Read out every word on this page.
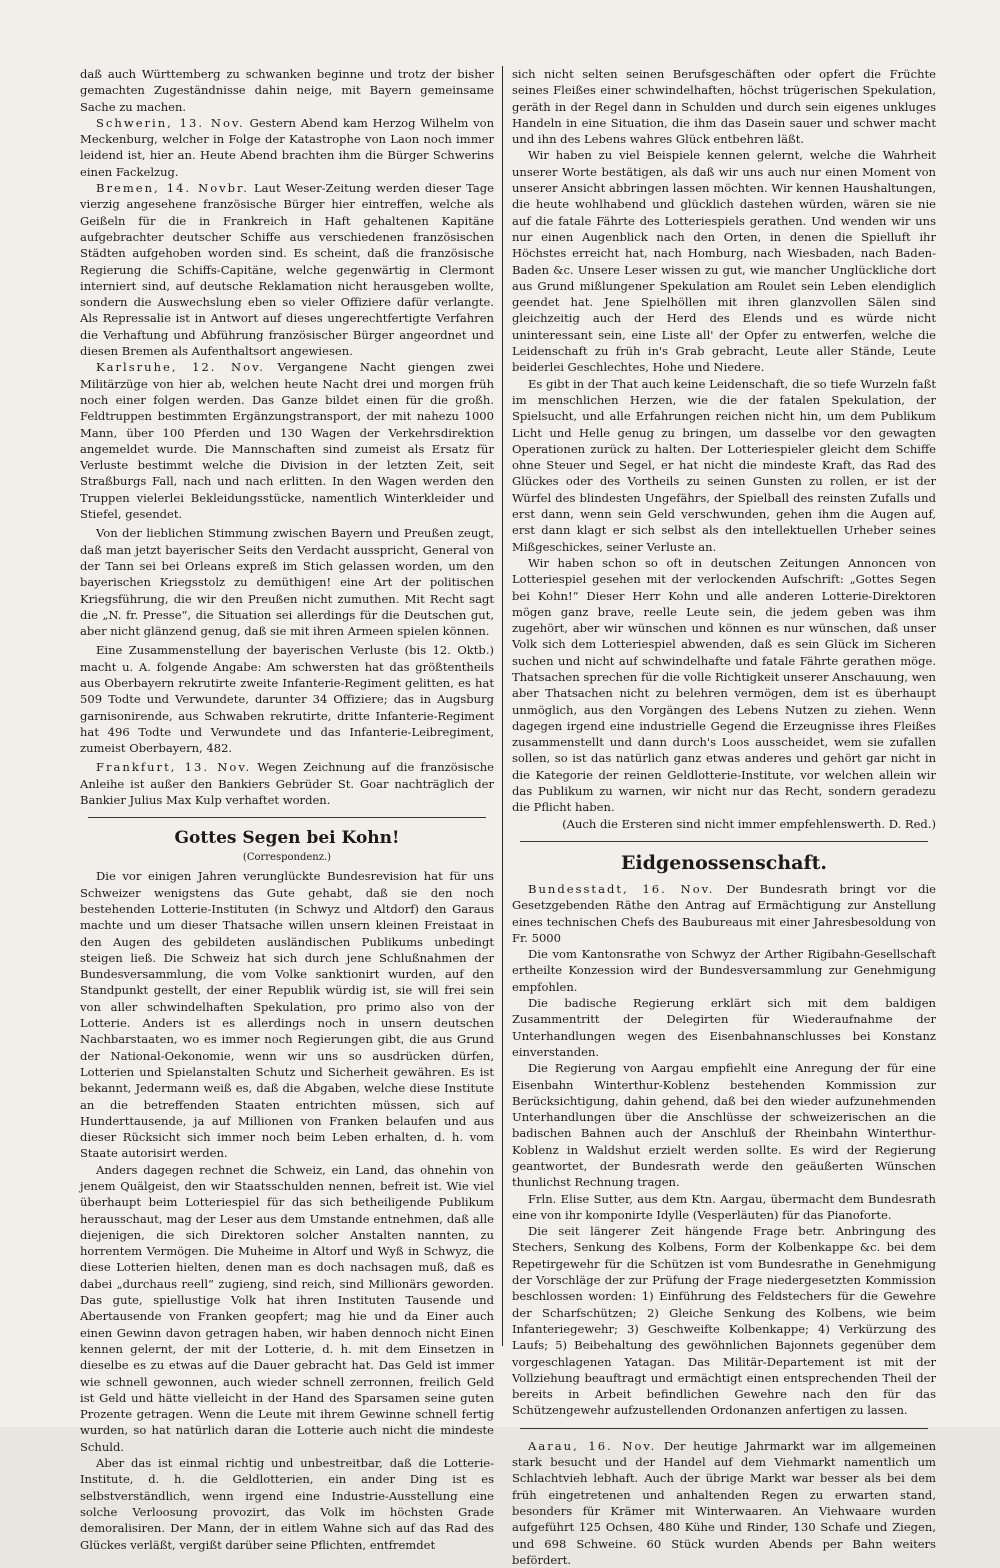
daß auch Württemberg zu schwanken beginne und trotz der bisher gemachten Zugeständnisse dahin neige, mit Bayern gemeinsame Sache zu machen.

Schwerin, 13. Nov. Gestern Abend kam Herzog Wilhelm von Meckenburg, welcher in Folge der Katastrophe von Laon noch immer leidend ist, hier an. Heute Abend brachten ihm die Bürger Schwerins einen Fackelzug.

Bremen, 14. Novbr. Laut Weser-Zeitung werden dieser Tage vierzig angesehene französische Bürger hier eintreffen, welche als Geißeln für die in Frankreich in Haft gehaltenen Kapitäne aufgebrachter deutscher Schiffe aus verschiedenen französischen Städten aufgehoben worden sind. Es scheint, daß die französische Regierung die Schiffs-Capitäne, welche gegenwärtig in Clermont interniert sind, auf deutsche Reklamation nicht herausgeben wollte, sondern die Auswechslung eben so vieler Offiziere dafür verlangte. Als Repressalie ist in Antwort auf dieses ungerechtfertigte Verfahren die Verhaftung und Abführung französischer Bürger angeordnet und diesen Bremen als Aufenthaltsort angewiesen.

Karlsruhe, 12. Nov. Vergangene Nacht giengen zwei Militärzüge von hier ab, welchen heute Nacht drei und morgen früh noch einer folgen werden. Das Ganze bildet einen für die großh. Feldtruppen bestimmten Ergänzungstransport, der mit nahezu 1000 Mann, über 100 Pferden und 130 Wagen der Verkehrsdirektion angemeldet wurde. Die Mannschaften sind zumeist als Ersatz für Verluste bestimmt welche die Division in der letzten Zeit, seit Straßburgs Fall, nach und nach erlitten. In den Wagen werden den Truppen vielerlei Bekleidungsstücke, namentlich Winterkleider und Stiefel, gesendet.

Von der lieblichen Stimmung zwischen Bayern und Preußen zeugt, daß man jetzt bayerischer Seits den Verdacht ausspricht, General von der Tann sei bei Orleans expreß im Stich gelassen worden, um den bayerischen Kriegsstolz zu demüthigen! eine Art der politischen Kriegsführung, die wir den Preußen nicht zumuthen. Mit Recht sagt die „N. fr. Presse“, die Situation sei allerdings für die Deutschen gut, aber nicht glänzend genug, daß sie mit ihren Armeen spielen können.

Eine Zusammenstellung der bayerischen Verluste (bis 12. Oktb.) macht u. A. folgende Angabe: Am schwersten hat das größtentheils aus Oberbayern rekrutirte zweite Infanterie-Regiment gelitten, es hat 509 Todte und Verwundete, darunter 34 Offiziere; das in Augsburg garnisonirende, aus Schwaben rekrutirte, dritte Infanterie-Regiment hat 496 Todte und Verwundete und das Infanterie-Leibregiment, zumeist Oberbayern, 482.

Frankfurt, 13. Nov. Wegen Zeichnung auf die französische Anleihe ist außer den Bankiers Gebrüder St. Goar nachträglich der Bankier Julius Max Kulp verhaftet worden.

Gottes Segen bei Kohn!

(Correspondenz.)

Die vor einigen Jahren verunglückte Bundesrevision hat für uns Schweizer wenigstens das Gute gehabt, daß sie den noch bestehenden Lotterie-Instituten (in Schwyz und Altdorf) den Garaus machte und um dieser Thatsache willen unsern kleinen Freistaat in den Augen des gebildeten ausländischen Publikums unbedingt steigen ließ. Die Schweiz hat sich durch jene Schlußnahmen der Bundesversammlung, die vom Volke sanktionirt wurden, auf den Standpunkt gestellt, der einer Republik würdig ist, sie will frei sein von aller schwindelhaften Spekulation, pro primo also von der Lotterie. Anders ist es allerdings noch in unsern deutschen Nachbarstaaten, wo es immer noch Regierungen gibt, die aus Grund der National-Oekonomie, wenn wir uns so ausdrücken dürfen, Lotterien und Spielanstalten Schutz und Sicherheit gewähren. Es ist bekannt, Jedermann weiß es, daß die Abgaben, welche diese Institute an die betreffenden Staaten entrichten müssen, sich auf Hunderttausende, ja auf Millionen von Franken belaufen und aus dieser Rücksicht sich immer noch beim Leben erhalten, d. h. vom Staate autorisirt werden.

Anders dagegen rechnet die Schweiz, ein Land, das ohnehin von jenem Quälgeist, den wir Staatsschulden nennen, befreit ist. Wie viel überhaupt beim Lotteriespiel für das sich betheiligende Publikum herausschaut, mag der Leser aus dem Umstande entnehmen, daß alle diejenigen, die sich Direktoren solcher Anstalten nannten, zu horrentem Vermögen. Die Muheime in Altorf und Wyß in Schwyz, die diese Lotterien hielten, denen man es doch nachsagen muß, daß es dabei „durchaus reell“ zugieng, sind reich, sind Millionärs geworden. Das gute, spiellustige Volk hat ihren Instituten Tausende und Abertausende von Franken geopfert; mag hie und da Einer auch einen Gewinn davon getragen haben, wir haben dennoch nicht Einen kennen gelernt, der mit der Lotterie, d. h. mit dem Einsetzen in dieselbe es zu etwas auf die Dauer gebracht hat. Das Geld ist immer wie schnell gewonnen, auch wieder schnell zerronnen, freilich Geld ist Geld und hätte vielleicht in der Hand des Sparsamen seine guten Prozente getragen. Wenn die Leute mit ihrem Gewinne schnell fertig wurden, so hat natürlich daran die Lotterie auch nicht die mindeste Schuld.

Aber das ist einmal richtig und unbestreitbar, daß die Lotterie-Institute, d. h. die Geldlotterien, ein ander Ding ist es selbstverständlich, wenn irgend eine Industrie-Ausstellung eine solche Verloosung provozirt, das Volk im höchsten Grade demoralisiren. Der Mann, der in eitlem Wahne sich auf das Rad des Glückes verläßt, vergißt darüber seine Pflichten, entfremdet

sich nicht selten seinen Berufsgeschäften oder opfert die Früchte seines Fleißes einer schwindelhaften, höchst trügerischen Spekulation, geräth in der Regel dann in Schulden und durch sein eigenes unkluges Handeln in eine Situation, die ihm das Dasein sauer und schwer macht und ihn des Lebens wahres Glück entbehren läßt.

Wir haben zu viel Beispiele kennen gelernt, welche die Wahrheit unserer Worte bestätigen, als daß wir uns auch nur einen Moment von unserer Ansicht abbringen lassen möchten. Wir kennen Haushaltungen, die heute wohlhabend und glücklich dastehen würden, wären sie nie auf die fatale Fährte des Lotteriespiels gerathen. Und wenden wir uns nur einen Augenblick nach den Orten, in denen die Spielluft ihr Höchstes erreicht hat, nach Homburg, nach Wiesbaden, nach Baden-Baden &c. Unsere Leser wissen zu gut, wie mancher Unglückliche dort aus Grund mißlungener Spekulation am Roulet sein Leben elendiglich geendet hat. Jene Spielhöllen mit ihren glanzvollen Sälen sind gleichzeitig auch der Herd des Elends und es würde nicht uninteressant sein, eine Liste all' der Opfer zu entwerfen, welche die Leidenschaft zu früh in's Grab gebracht, Leute aller Stände, Leute beiderlei Geschlechtes, Hohe und Niedere.

Es gibt in der That auch keine Leidenschaft, die so tiefe Wurzeln faßt im menschlichen Herzen, wie die der fatalen Spekulation, der Spielsucht, und alle Erfahrungen reichen nicht hin, um dem Publikum Licht und Helle genug zu bringen, um dasselbe vor den gewagten Operationen zurück zu halten. Der Lotteriespieler gleicht dem Schiffe ohne Steuer und Segel, er hat nicht die mindeste Kraft, das Rad des Glückes oder des Vortheils zu seinen Gunsten zu rollen, er ist der Würfel des blindesten Ungefährs, der Spielball des reinsten Zufalls und erst dann, wenn sein Geld verschwunden, gehen ihm die Augen auf, erst dann klagt er sich selbst als den intellektuellen Urheber seines Mißgeschickes, seiner Verluste an.

Wir haben schon so oft in deutschen Zeitungen Annoncen von Lotteriespiel gesehen mit der verlockenden Aufschrift: „Gottes Segen bei Kohn!“ Dieser Herr Kohn und alle anderen Lotterie-Direktoren mögen ganz brave, reelle Leute sein, die jedem geben was ihm zugehört, aber wir wünschen und können es nur wünschen, daß unser Volk sich dem Lotteriespiel abwenden, daß es sein Glück im Sicheren suchen und nicht auf schwindelhafte und fatale Fährte gerathen möge. Thatsachen sprechen für die volle Richtigkeit unserer Anschauung, wen aber Thatsachen nicht zu belehren vermögen, dem ist es überhaupt unmöglich, aus den Vorgängen des Lebens Nutzen zu ziehen. Wenn dagegen irgend eine industrielle Gegend die Erzeugnisse ihres Fleißes zusammenstellt und dann durch's Loos ausscheidet, wem sie zufallen sollen, so ist das natürlich ganz etwas anderes und gehört gar nicht in die Kategorie der reinen Geldlotterie-Institute, vor welchen allein wir das Publikum zu warnen, wir nicht nur das Recht, sondern geradezu die Pflicht haben.

(Auch die Ersteren sind nicht immer empfehlenswerth. D. Red.)

Eidgenossenschaft.

Bundesstadt, 16. Nov. Der Bundesrath bringt vor die Gesetzgebenden Räthe den Antrag auf Ermächtigung zur Anstellung eines technischen Chefs des Baubureaus mit einer Jahresbesoldung von Fr. 5000

Die vom Kantonsrathe von Schwyz der Arther Rigibahn-Gesellschaft ertheilte Konzession wird der Bundesversammlung zur Genehmigung empfohlen.

Die badische Regierung erklärt sich mit dem baldigen Zusammentritt der Delegirten für Wiederaufnahme der Unterhandlungen wegen des Eisenbahnanschlusses bei Konstanz einverstanden.

Die Regierung von Aargau empfiehlt eine Anregung der für eine Eisenbahn Winterthur-Koblenz bestehenden Kommission zur Berücksichtigung, dahin gehend, daß bei den wieder aufzunehmenden Unterhandlungen über die Anschlüsse der schweizerischen an die badischen Bahnen auch der Anschluß der Rheinbahn Winterthur-Koblenz in Waldshut erzielt werden sollte. Es wird der Regierung geantwortet, der Bundesrath werde den geäußerten Wünschen thunlichst Rechnung tragen.

Frln. Elise Sutter, aus dem Ktn. Aargau, übermacht dem Bundesrath eine von ihr komponirte Idylle (Vesperläuten) für das Pianoforte.

Die seit längerer Zeit hängende Frage betr. Anbringung des Stechers, Senkung des Kolbens, Form der Kolbenkappe &c. bei dem Repetirgewehr für die Schützen ist vom Bundesrathe in Genehmigung der Vorschläge der zur Prüfung der Frage niedergesetzten Kommission beschlossen worden: 1) Einführung des Feldstechers für die Gewehre der Scharfschützen; 2) Gleiche Senkung des Kolbens, wie beim Infanteriegewehr; 3) Geschweifte Kolbenkappe; 4) Verkürzung des Laufs; 5) Beibehaltung des gewöhnlichen Bajonnets gegenüber dem vorgeschlagenen Yatagan. Das Militär-Departement ist mit der Vollziehung beauftragt und ermächtigt einen entsprechenden Theil der bereits in Arbeit befindlichen Gewehre nach den für das Schützengewehr aufzustellenden Ordonanzen anfertigen zu lassen.

Aarau, 16. Nov. Der heutige Jahrmarkt war im allgemeinen stark besucht und der Handel auf dem Viehmarkt namentlich um Schlachtvieh lebhaft. Auch der übrige Markt war besser als bei dem früh eingetretenen und anhaltenden Regen zu erwarten stand, besonders für Krämer mit Winterwaaren. An Viehwaare wurden aufgeführt 125 Ochsen, 480 Kühe und Rinder, 130 Schafe und Ziegen, und 698 Schweine. 60 Stück wurden Abends per Bahn weiters befördert.
